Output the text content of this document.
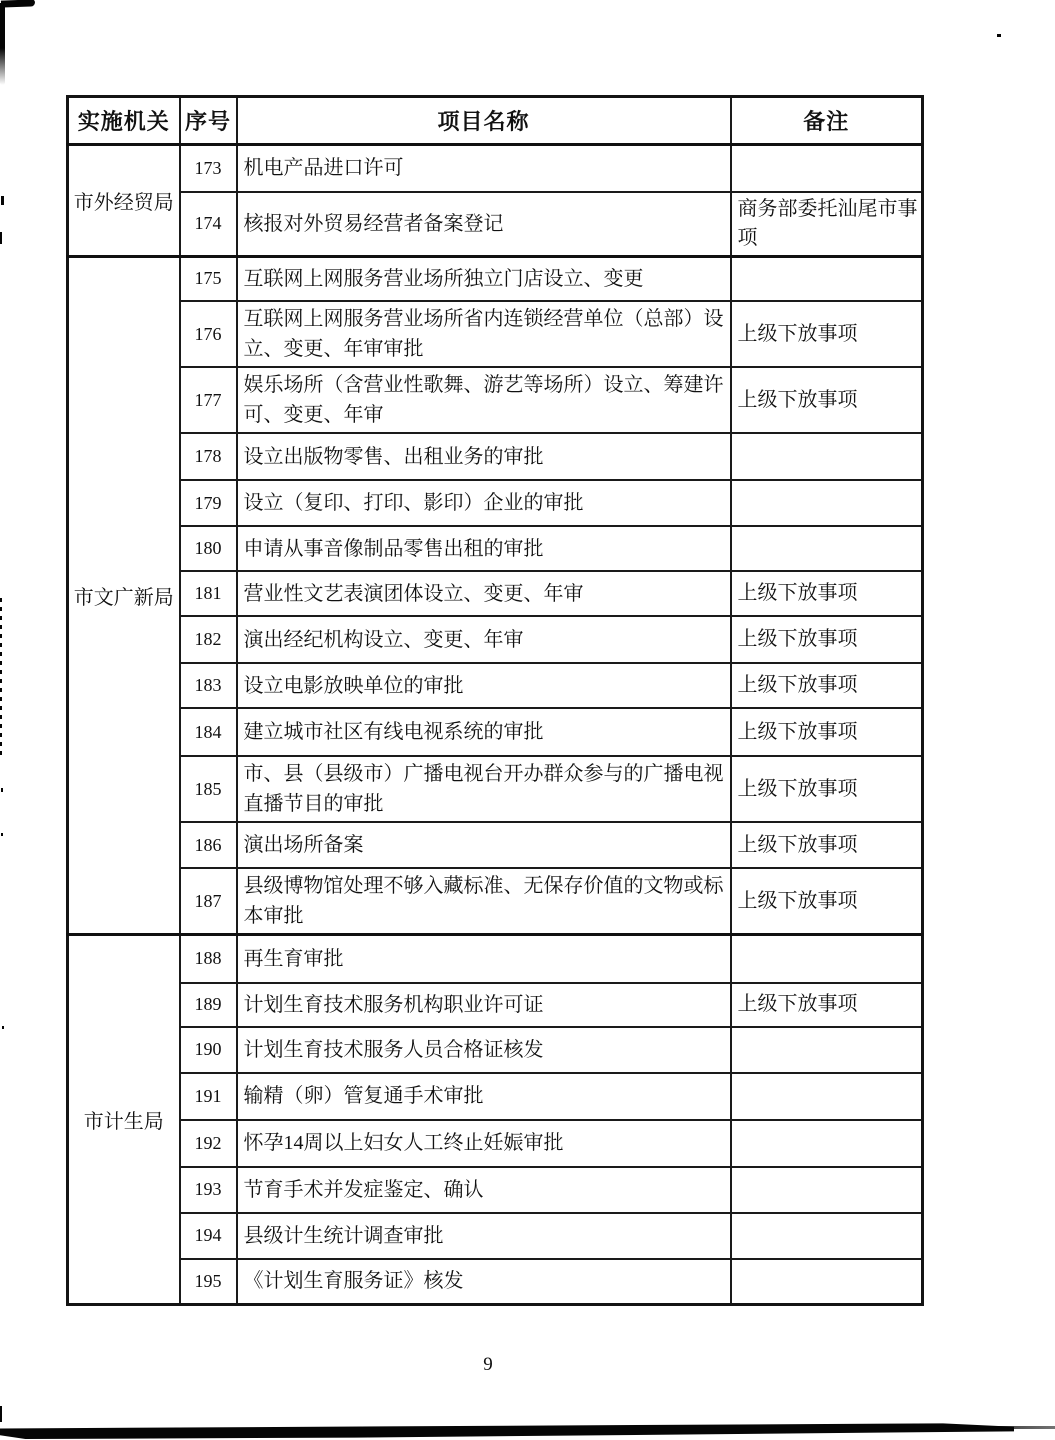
实施机关	序号	项目名称	备注
市外经贸局	173	机电产品进口许可	
	174	核报对外贸易经营者备案登记	商务部委托汕尾市事项
市文广新局	175	互联网上网服务营业场所独立门店设立、变更	
	176	互联网上网服务营业场所省内连锁经营单位（总部）设立、变更、年审审批	上级下放事项
	177	娱乐场所（含营业性歌舞、游艺等场所）设立、筹建许可、变更、年审	上级下放事项
	178	设立出版物零售、出租业务的审批	
	179	设立（复印、打印、影印）企业的审批	
	180	申请从事音像制品零售出租的审批	
	181	营业性文艺表演团体设立、变更、年审	上级下放事项
	182	演出经纪机构设立、变更、年审	上级下放事项
	183	设立电影放映单位的审批	上级下放事项
	184	建立城市社区有线电视系统的审批	上级下放事项
	185	市、县（县级市）广播电视台开办群众参与的广播电视直播节目的审批	上级下放事项
	186	演出场所备案	上级下放事项
	187	县级博物馆处理不够入藏标准、无保存价值的文物或标本审批	上级下放事项
市计生局	188	再生育审批	
	189	计划生育技术服务机构职业许可证	上级下放事项
	190	计划生育技术服务人员合格证核发	
	191	输精（卵）管复通手术审批	
	192	怀孕14周以上妇女人工终止妊娠审批	
	193	节育手术并发症鉴定、确认	
	194	县级计生统计调查审批	
	195	《计划生育服务证》核发	
9
